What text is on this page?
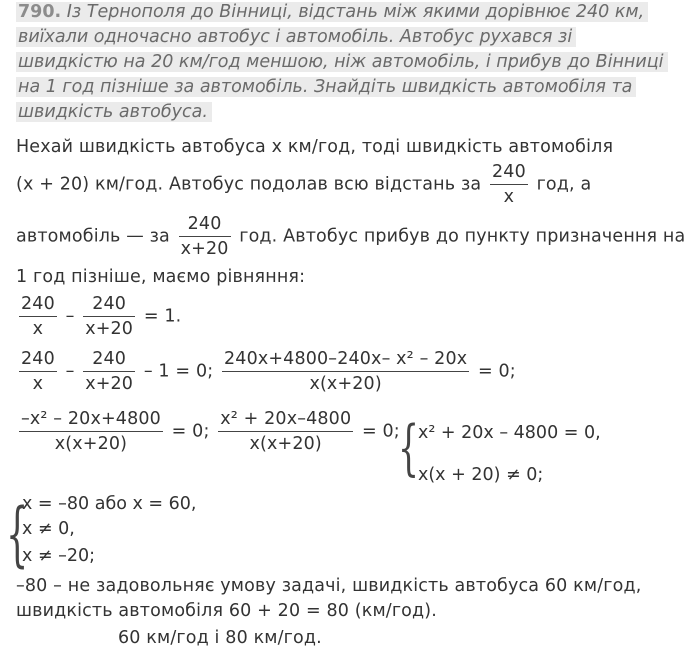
790. Із Тернополя до Вінниці, відстань між якими дорівнює 240 км,
виїхали одночасно автобус і автомобіль. Автобус рухався зі
швидкістю на 20 км/год меншою, ніж автомобіль, і прибув до Вінниці
на 1 год пізніше за автомобіль. Знайдіть швидкість автомобіля та
швидкість автобуса.
Нехай швидкість автобуса х км/год, тоді швидкість автомобіля
(х + 20) км/год. Автобус подолав всю відстань за
240
х
год, а
автомобіль — за
240
х+20
год. Автобус прибув до пункту призначення на
1 год пізніше, маємо рівняння:
240
х
–
240
х+20
= 1.
240
х
–
240
х+20
– 1 = 0;
240х+4800–240х– х² – 20х
х(х+20)
= 0;
–х² – 20х+4800
х(х+20)
= 0;
х² + 20х–4800
х(х+20)
= 0;
{
х² + 20х – 4800 = 0,
х(х + 20) ≠ 0;
{
х = –80 або х = 60,
х ≠ 0,
х ≠ –20;
–80 – не задовольняє умову задачі, швидкість автобуса 60 км/год,
швидкість автомобіля 60 + 20 = 80 (км/год).
60 км/год і 80 км/год.
